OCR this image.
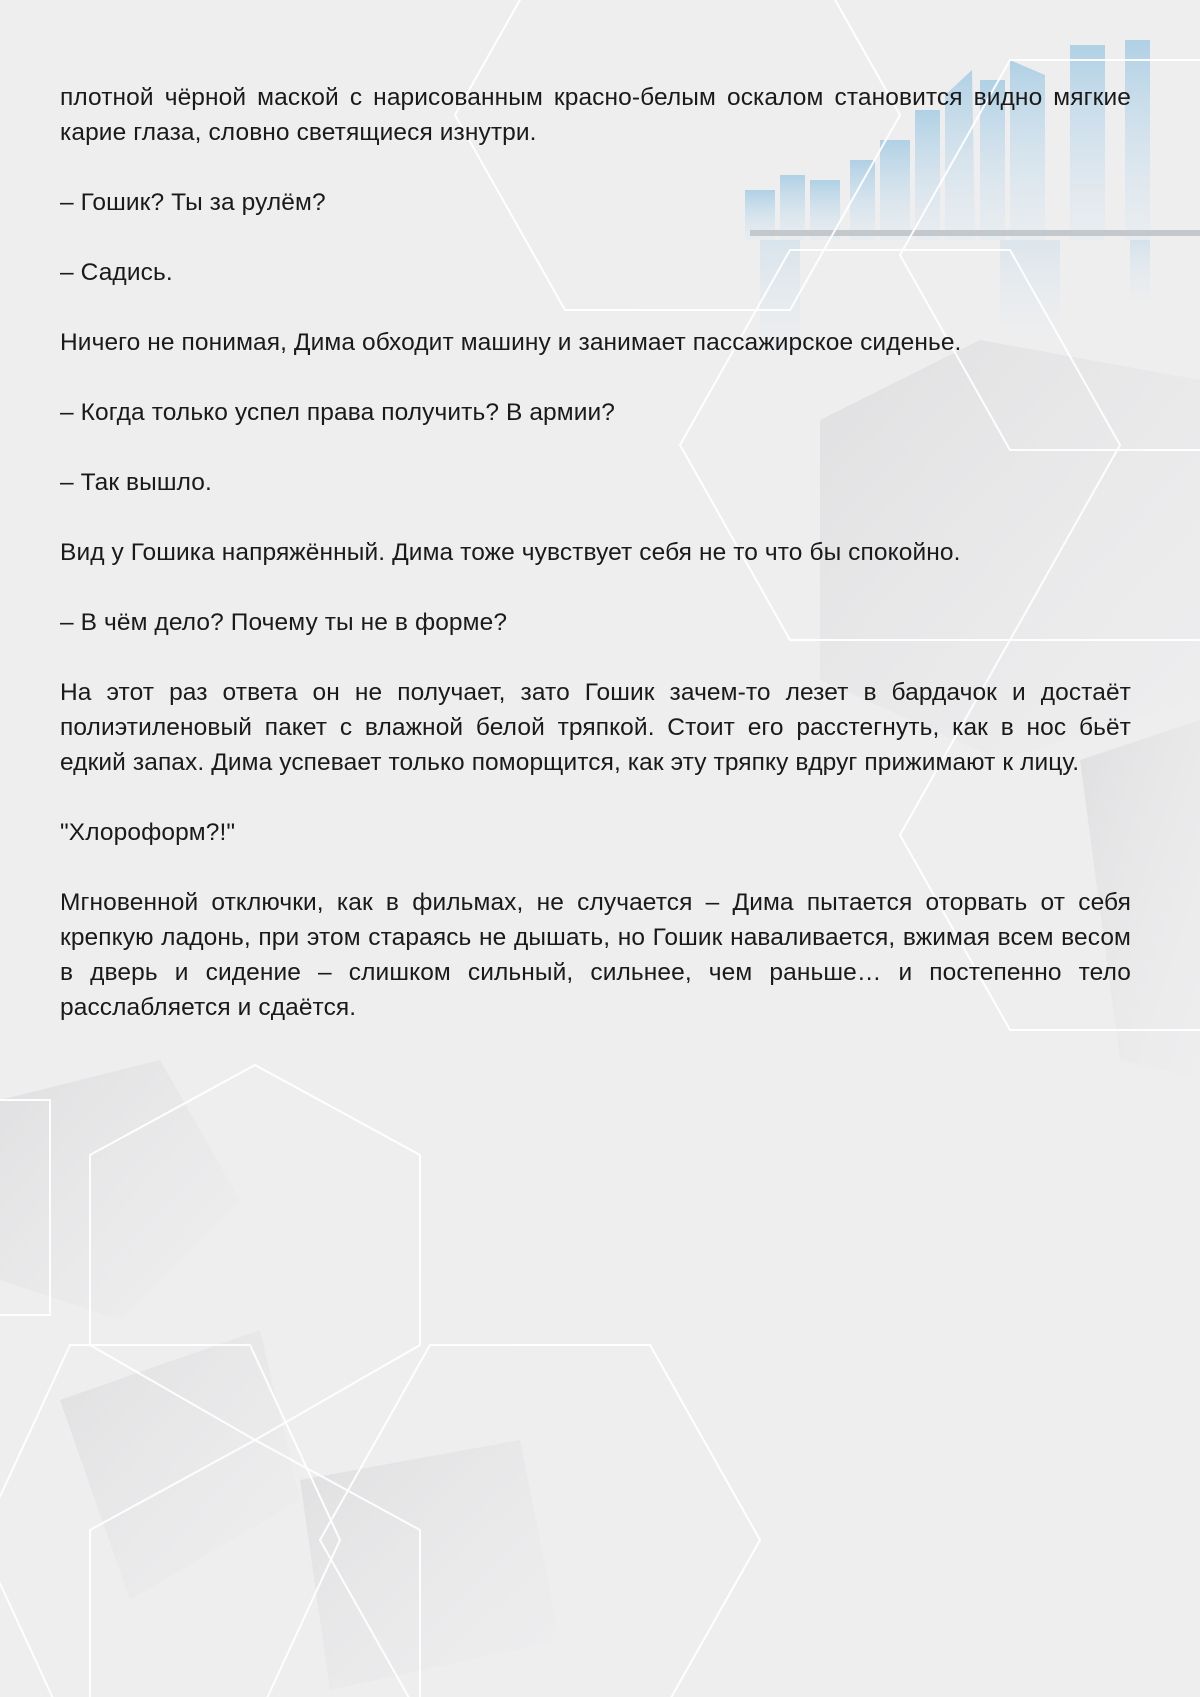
плотной чёрной маской с нарисованным красно-белым оскалом становится видно мягкие карие глаза, словно светящиеся изнутри.

– Гошик? Ты за рулём?

– Садись.

Ничего не понимая, Дима обходит машину и занимает пассажирское сиденье.

– Когда только успел права получить? В армии?

– Так вышло.

Вид у Гошика напряжённый. Дима тоже чувствует себя не то что бы спокойно.

– В чём дело? Почему ты не в форме?

На этот раз ответа он не получает, зато Гошик зачем-то лезет в бардачок и достаёт полиэтиленовый пакет с влажной белой тряпкой. Стоит его расстегнуть, как в нос бьёт едкий запах. Дима успевает только поморщится, как эту тряпку вдруг прижимают к лицу.

"Хлороформ?!"

Мгновенной отключки, как в фильмах, не случается – Дима пытается оторвать от себя крепкую ладонь, при этом стараясь не дышать, но Гошик наваливается, вжимая всем весом в дверь и сидение – слишком сильный, сильнее, чем раньше… и постепенно тело расслабляется и сдаётся.
